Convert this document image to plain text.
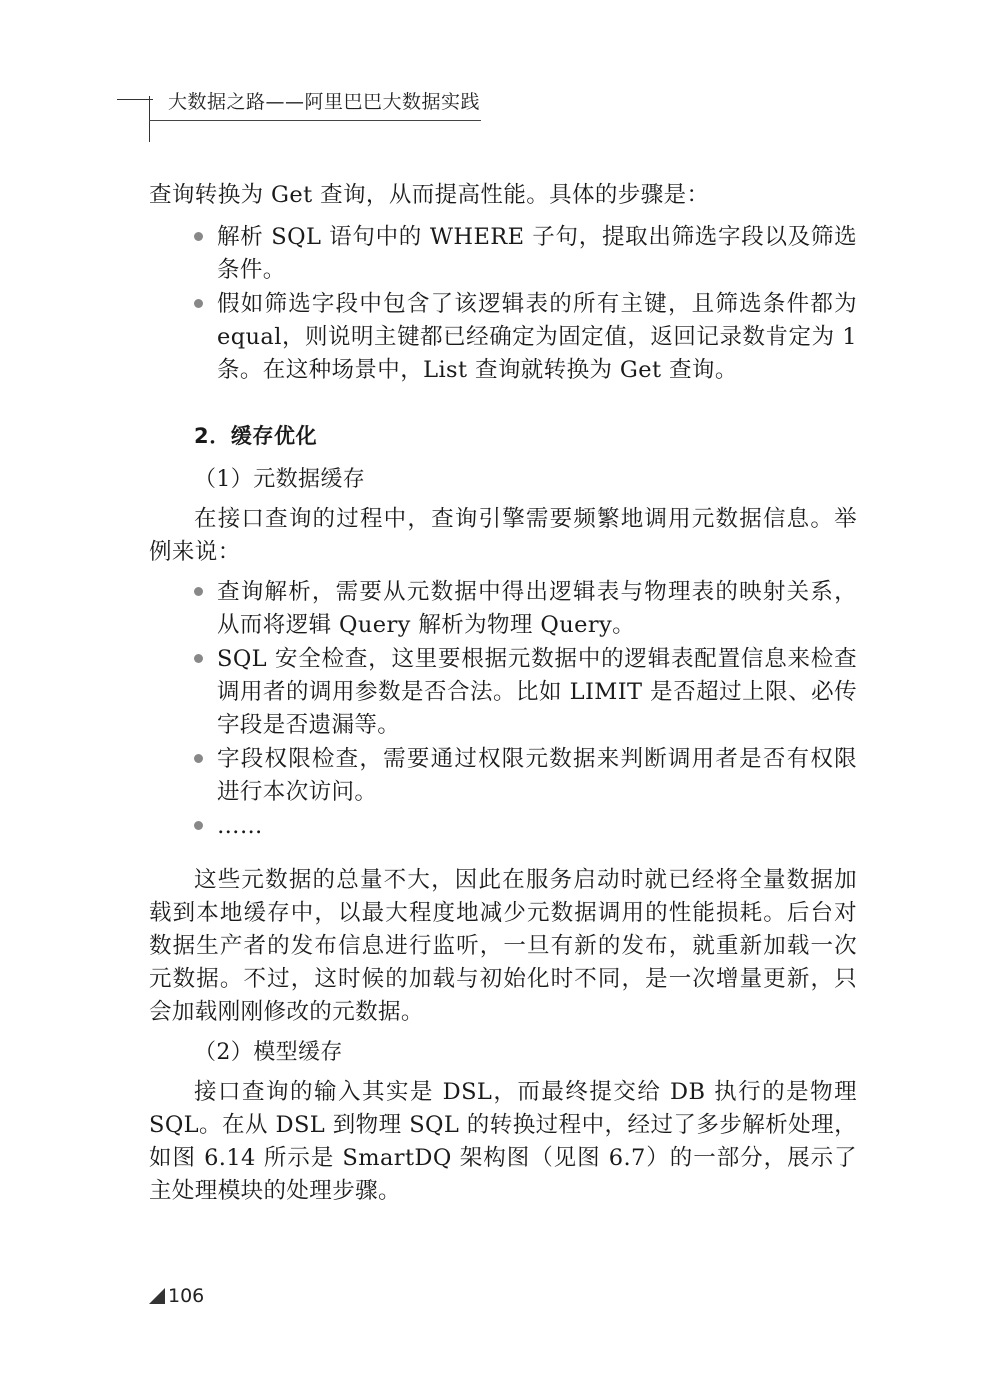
大数据之路——阿里巴巴大数据实践

查询转换为 Get 查询，从而提高性能。具体的步骤是：

解析 SQL 语句中的 WHERE 子句，提取出筛选字段以及筛选条件。
假如筛选字段中包含了该逻辑表的所有主键，且筛选条件都为 equal，则说明主键都已经确定为固定值，返回记录数肯定为 1 条。在这种场景中，List 查询就转换为 Get 查询。

2．缓存优化

（1）元数据缓存

在接口查询的过程中，查询引擎需要频繁地调用元数据信息。举例来说：

查询解析，需要从元数据中得出逻辑表与物理表的映射关系，从而将逻辑 Query 解析为物理 Query。
SQL 安全检查，这里要根据元数据中的逻辑表配置信息来检查调用者的调用参数是否合法。比如 LIMIT 是否超过上限、必传字段是否遗漏等。
字段权限检查，需要通过权限元数据来判断调用者是否有权限进行本次访问。
……

这些元数据的总量不大，因此在服务启动时就已经将全量数据加载到本地缓存中，以最大程度地减少元数据调用的性能损耗。后台对数据生产者的发布信息进行监听，一旦有新的发布，就重新加载一次元数据。不过，这时候的加载与初始化时不同，是一次增量更新，只会加载刚刚修改的元数据。

（2）模型缓存

接口查询的输入其实是 DSL，而最终提交给 DB 执行的是物理 SQL。在从 DSL 到物理 SQL 的转换过程中，经过了多步解析处理，如图 6.14 所示是 SmartDQ 架构图（见图 6.7）的一部分，展示了主处理模块的处理步骤。

106
